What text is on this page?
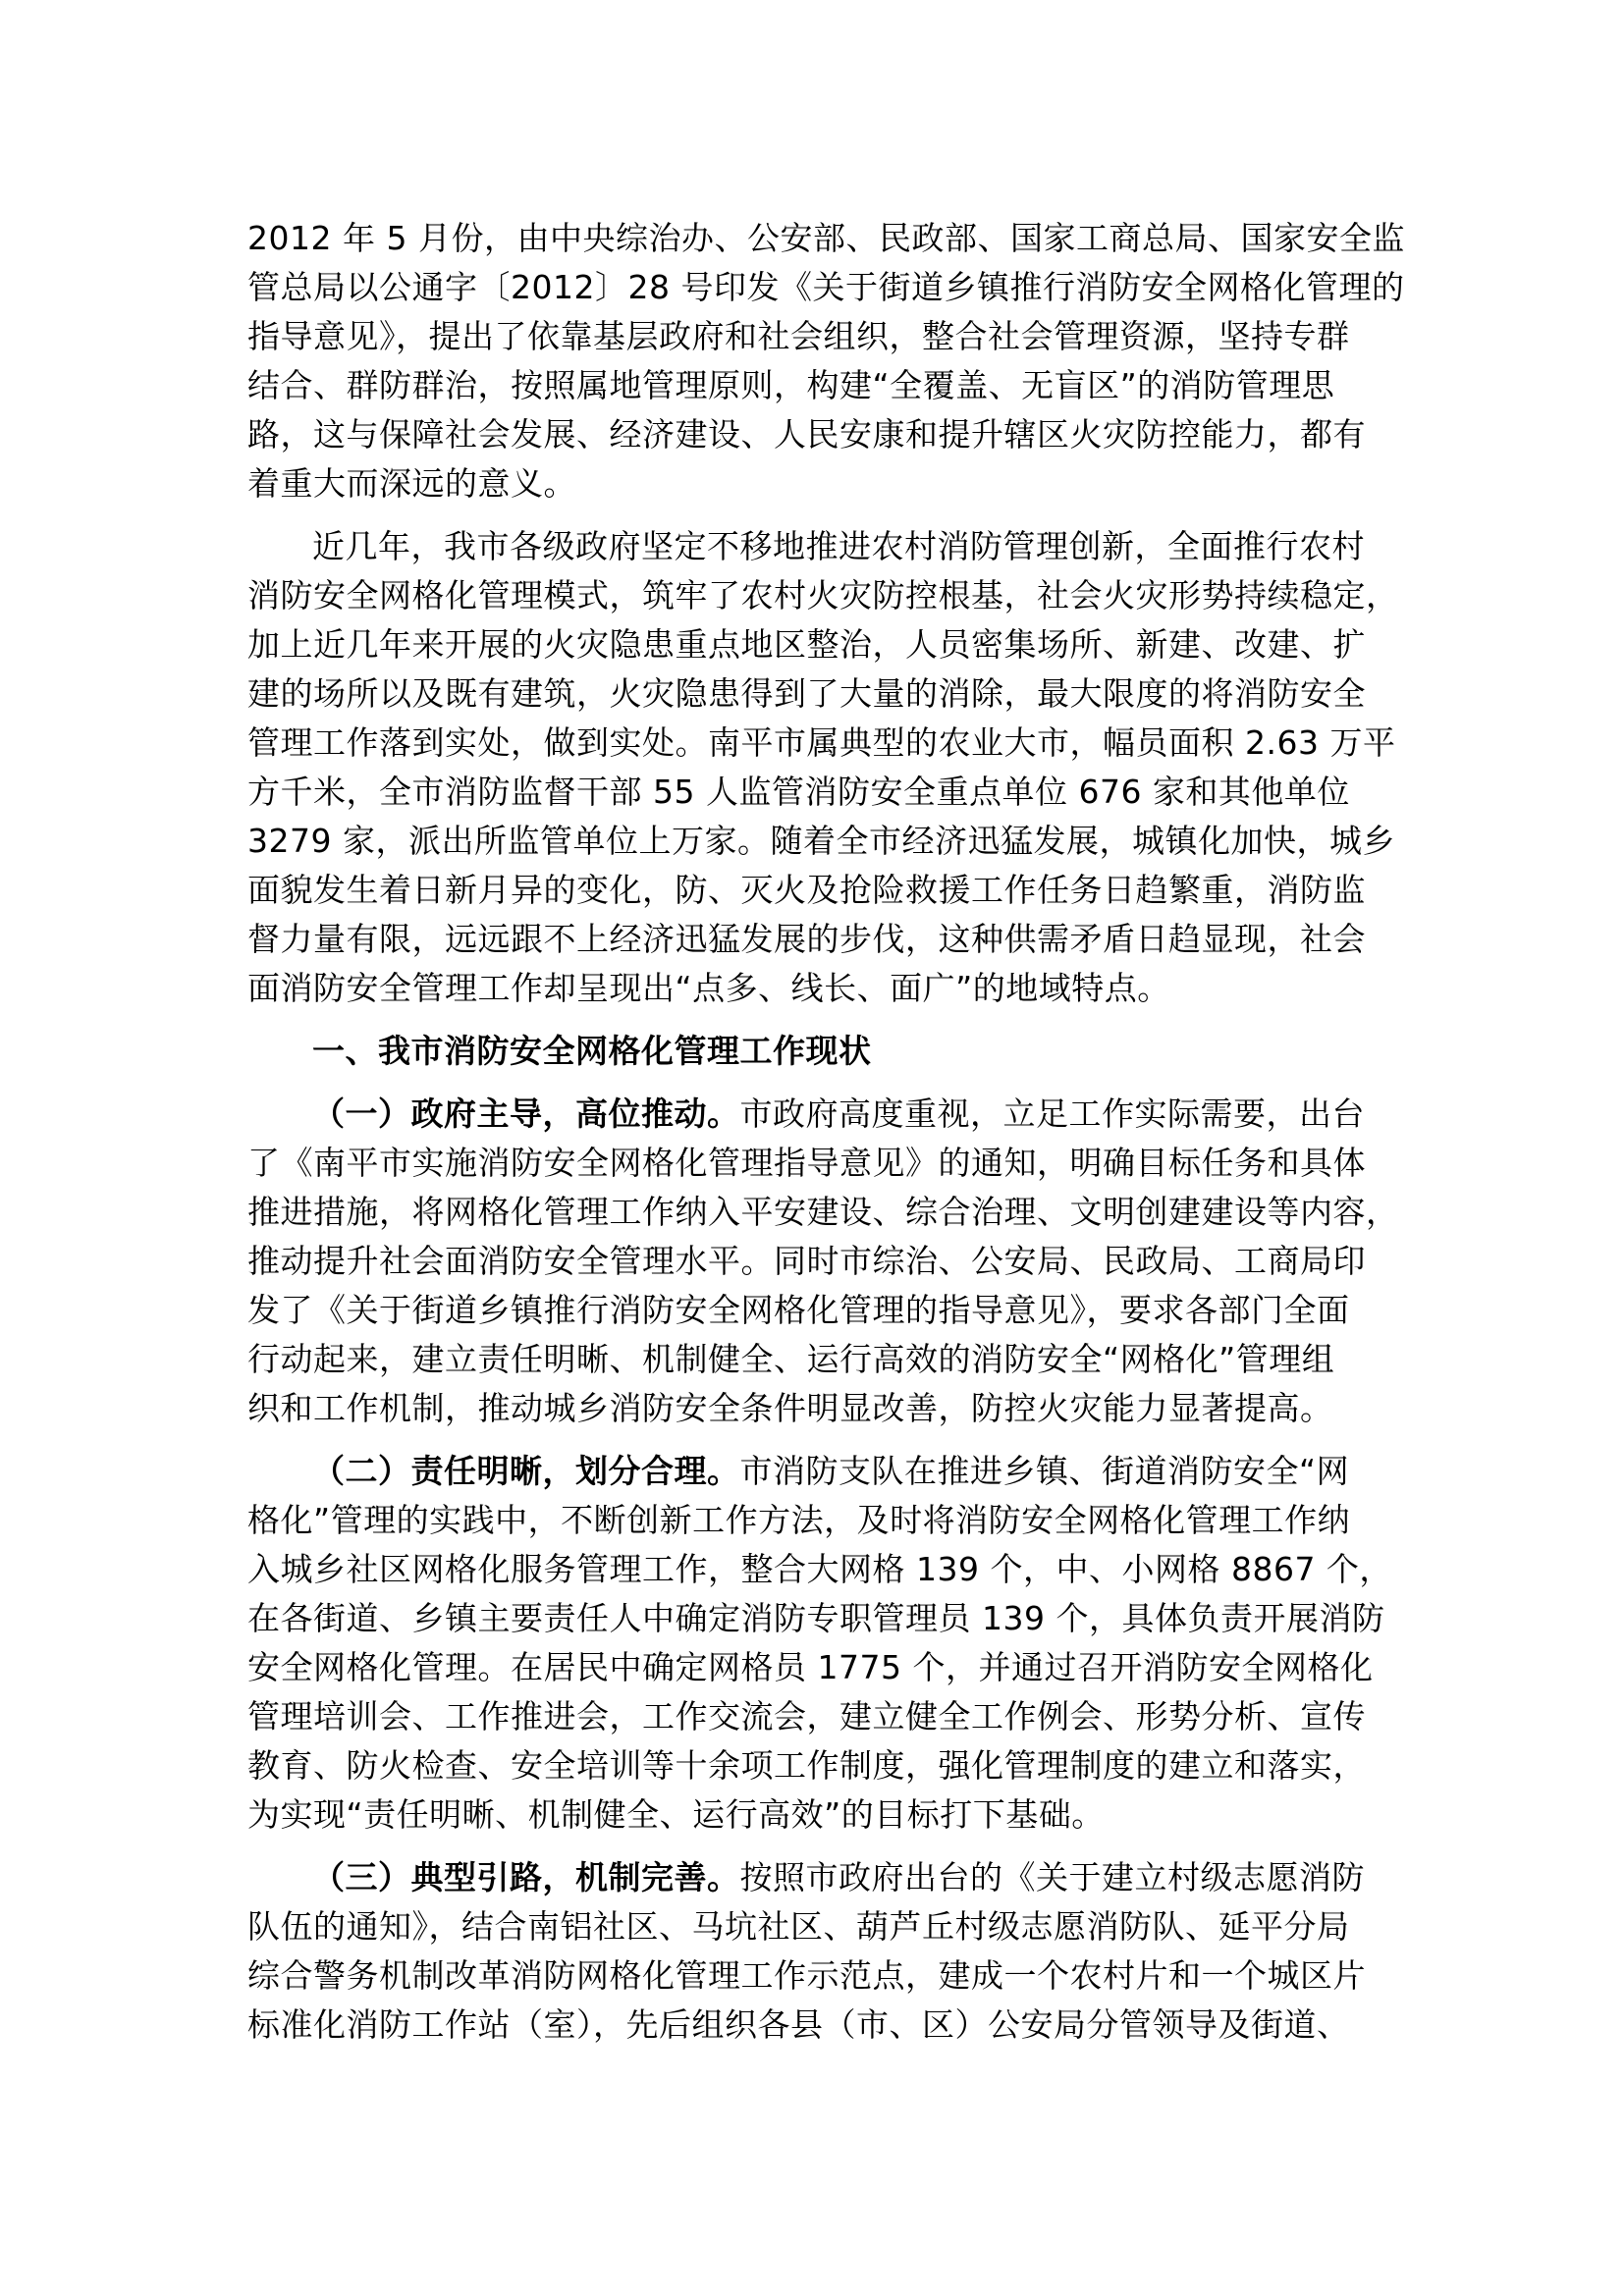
2012 年 5 月份，由中央综治办、公安部、民政部、国家工商总局、国家安全监
管总局以公通字〔2012〕28 号印发《关于街道乡镇推行消防安全网格化管理的
指导意见》，提出了依靠基层政府和社会组织，整合社会管理资源，坚持专群
结合、群防群治，按照属地管理原则，构建“全覆盖、无盲区”的消防管理思
路，这与保障社会发展、经济建设、人民安康和提升辖区火灾防控能力，都有
着重大而深远的意义。

近几年，我市各级政府坚定不移地推进农村消防管理创新，全面推行农村
消防安全网格化管理模式，筑牢了农村火灾防控根基，社会火灾形势持续稳定，
加上近几年来开展的火灾隐患重点地区整治，人员密集场所、新建、改建、扩
建的场所以及既有建筑，火灾隐患得到了大量的消除，最大限度的将消防安全
管理工作落到实处，做到实处。南平市属典型的农业大市，幅员面积 2.63 万平
方千米，全市消防监督干部 55 人监管消防安全重点单位 676 家和其他单位
3279 家，派出所监管单位上万家。随着全市经济迅猛发展，城镇化加快，城乡
面貌发生着日新月异的变化，防、灭火及抢险救援工作任务日趋繁重，消防监
督力量有限，远远跟不上经济迅猛发展的步伐，这种供需矛盾日趋显现，社会
面消防安全管理工作却呈现出“点多、线长、面广”的地域特点。

一、我市消防安全网格化管理工作现状

（一）政府主导，高位推动。市政府高度重视，立足工作实际需要，出台
了《南平市实施消防安全网格化管理指导意见》的通知，明确目标任务和具体
推进措施，将网格化管理工作纳入平安建设、综合治理、文明创建建设等内容，
推动提升社会面消防安全管理水平。同时市综治、公安局、民政局、工商局印
发了《关于街道乡镇推行消防安全网格化管理的指导意见》，要求各部门全面
行动起来，建立责任明晰、机制健全、运行高效的消防安全“网格化”管理组
织和工作机制，推动城乡消防安全条件明显改善，防控火灾能力显著提高。

（二）责任明晰，划分合理。市消防支队在推进乡镇、街道消防安全“网
格化”管理的实践中，不断创新工作方法，及时将消防安全网格化管理工作纳
入城乡社区网格化服务管理工作，整合大网格 139 个，中、小网格 8867 个，
在各街道、乡镇主要责任人中确定消防专职管理员 139 个，具体负责开展消防
安全网格化管理。在居民中确定网格员 1775 个，并通过召开消防安全网格化
管理培训会、工作推进会，工作交流会，建立健全工作例会、形势分析、宣传
教育、防火检查、安全培训等十余项工作制度，强化管理制度的建立和落实，
为实现“责任明晰、机制健全、运行高效”的目标打下基础。

（三）典型引路，机制完善。按照市政府出台的《关于建立村级志愿消防
队伍的通知》，结合南铝社区、马坑社区、葫芦丘村级志愿消防队、延平分局
综合警务机制改革消防网格化管理工作示范点，建成一个农村片和一个城区片
标准化消防工作站（室），先后组织各县（市、区）公安局分管领导及街道、
